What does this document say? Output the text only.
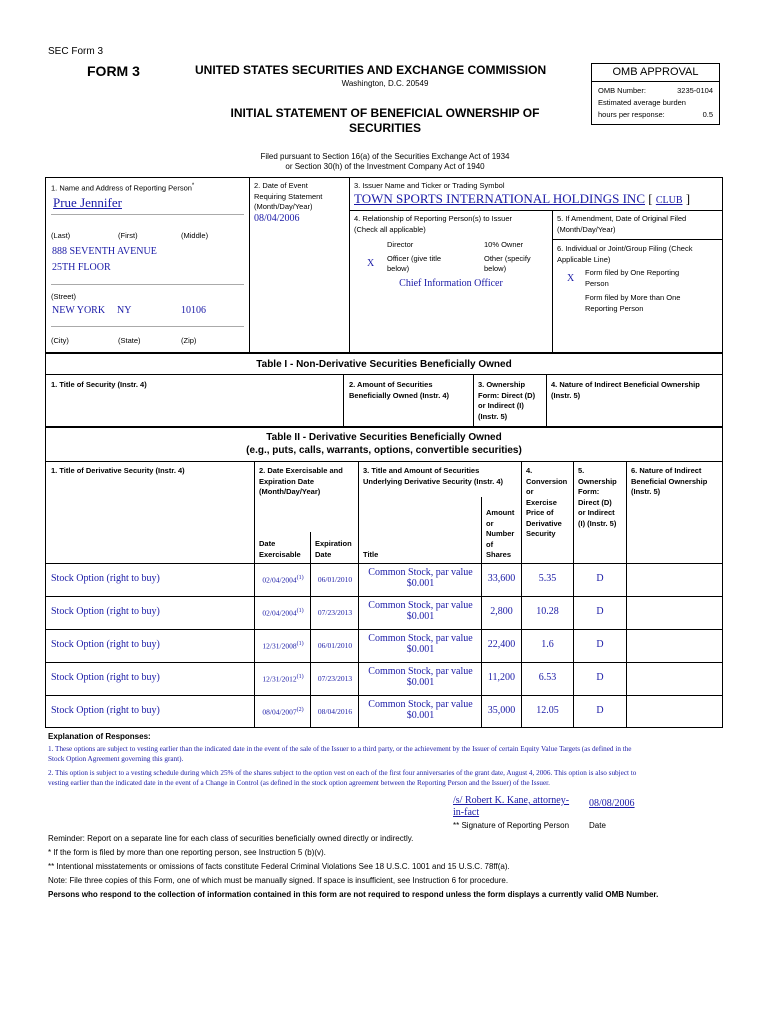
SEC Form 3
FORM 3	UNITED STATES SECURITIES AND EXCHANGE COMMISSION
Washington, D.C. 20549
INITIAL STATEMENT OF BENEFICIAL OWNERSHIP OF
SECURITIES
OMB APPROVAL
OMB Number:	3235-0104
Estimated average burden
hours per response:	0.5
Filed pursuant to Section 16(a) of the Securities Exchange Act of 1934
or Section 30(h) of the Investment Company Act of 1940
1. Name and Address of Reporting Person*
Prue Jennifer
(Last)	(First)	(Middle)
888 SEVENTH AVENUE
25TH FLOOR
(Street)
NEW YORK NY	10106
(City)	(State)	(Zip)
2. Date of Event
Requiring Statement
(Month/Day/Year)
08/04/2006
3. Issuer Name and Ticker or Trading Symbol
TOWN SPORTS INTERNATIONAL HOLDINGS INC [ CLUB ]
4. Relationship of Reporting Person(s) to Issuer
(Check all applicable)
Director	10% Owner
X Officer (give title
below)
Other (specify
below)
Chief Information Officer
5. If Amendment, Date of Original Filed
(Month/Day/Year)
6. Individual or Joint/Group Filing (Check
Applicable Line)
X
Form filed by One Reporting
Person
Form filed by More than One
Reporting Person
Table I - Non-Derivative Securities Beneficially Owned
1. Title of Security (Instr. 4)	2. Amount of Securities
Beneficially Owned (Instr. 4)
3. Ownership
Form: Direct (D)
or Indirect (I)
(Instr. 5)
4. Nature of Indirect Beneficial Ownership
(Instr. 5)
Table II - Derivative Securities Beneficially Owned
(e.g., puts, calls, warrants, options, convertible securities)
1. Title of Derivative Security (Instr. 4)	2. Date Exercisable and
Expiration Date
(Month/Day/Year)
3. Title and Amount of Securities
Underlying Derivative Security (Instr. 4)
4.
Conversion
or
Exercise
Price of
Derivative
Security
5.
Ownership
Form:
Direct (D)
or Indirect
(I) (Instr. 5)
6. Nature of Indirect
Beneficial Ownership
(Instr. 5)
Amount
or
Number
of
Shares
Date
Exercisable
Expiration
Date	Title
Stock Option (right to buy)	02/04/2004$^{(1)}$	06/01/2010
Common Stock, par value
$0.001	33,600	5.35	D
Stock Option (right to buy)	02/04/2004$^{(1)}$	07/23/2013
Common Stock, par value
$0.001	2,800	10.28	D
Stock Option (right to buy)	12/31/2008$^{(1)}$	06/01/2010
Common Stock, par value
$0.001	22,400	1.6	D
Stock Option (right to buy)	12/31/2012$^{(1)}$	07/23/2013
Common Stock, par value
$0.001	11,200	6.53	D
Stock Option (right to buy)	08/04/2007$^{(2)}$	08/04/2016
Common Stock, par value
$0.001	35,000	12.05	D
Explanation of Responses:
1. These options are subject to vesting earlier than the indicated date in the event of the sale of the Issuer to a third party, or the achievement by the Issuer of certain Equity Value Targets (as defined in the
Stock Option Agreement governing this grant).
2. This option is subject to a vesting schedule during which 25% of the shares subject to the option vest on each of the first four anniversaries of the grant date, August 4, 2006. This option is also subject to
vesting earlier than the indicated date in the event of a Change in Control (as defined in the stock option agreement between the Reporting Person and the Issuer) of the Issuer.
/s/ Robert K. Kane, attorney-
in-fact
08/08/2006
** Signature of Reporting Person Date
Reminder: Report on a separate line for each class of securities beneficially owned directly or indirectly.
* If the form is filed by more than one reporting person, see Instruction 5 (b)(v).
** Intentional misstatements or omissions of facts constitute Federal Criminal Violations See 18 U.S.C. 1001 and 15 U.S.C. 78ff(a).
Note: File three copies of this Form, one of which must be manually signed. If space is insufficient, see Instruction 6 for procedure.
Persons who respond to the collection of information contained in this form are not required to respond unless the form displays a currently valid OMB Number.
